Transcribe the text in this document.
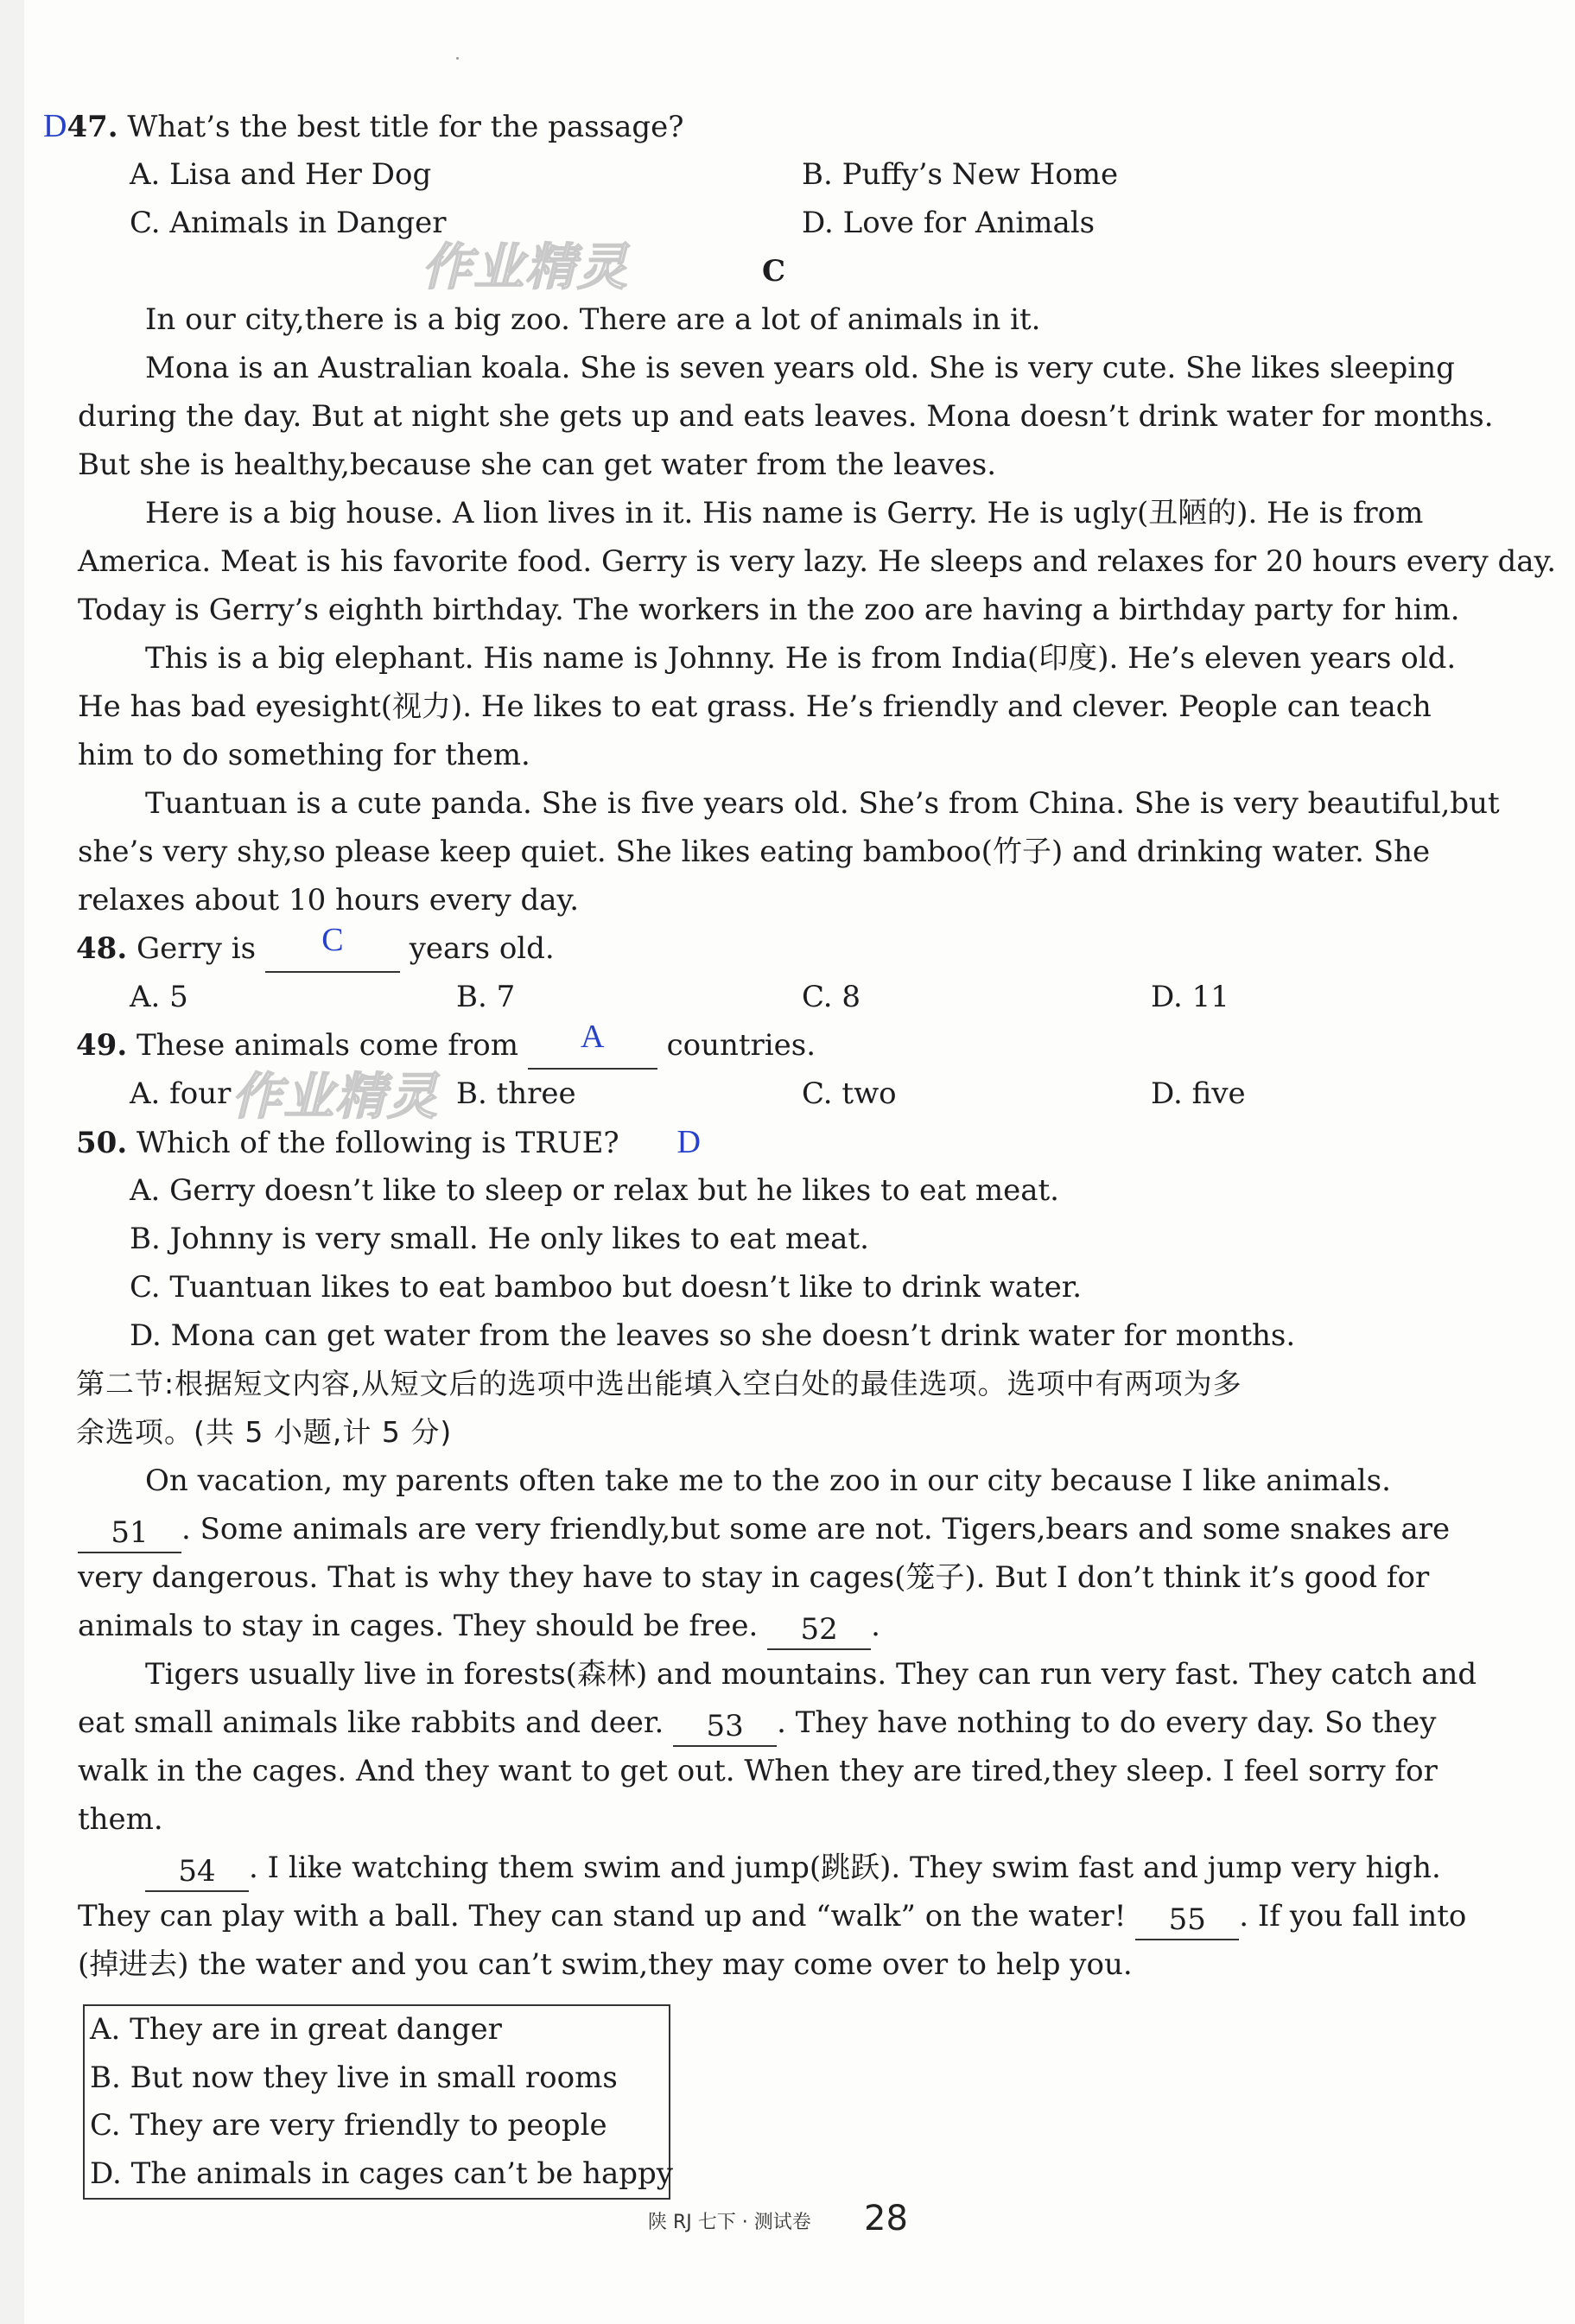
D47. What’s the best title for the passage?
A. Lisa and Her Dog	B. Puffy’s New Home
C. Animals in Danger	D. Love for Animals
作业精灵	C
In our city,there is a big zoo. There are a lot of animals in it.
Mona is an Australian koala. She is seven years old. She is very cute. She likes sleeping
during the day. But at night she gets up and eats leaves. Mona doesn’t drink water for months.
But she is healthy,because she can get water from the leaves.
Here is a big house. A lion lives in it. His name is Gerry. He is ugly(丑陋的). He is from
America. Meat is his favorite food. Gerry is very lazy. He sleeps and relaxes for 20 hours every day.
Today is Gerry’s eighth birthday. The workers in the zoo are having a birthday party for him.
This is a big elephant. His name is Johnny. He is from India(印度). He’s eleven years old.
He has bad eyesight(视力). He likes to eat grass. He’s friendly and clever. People can teach
him to do something for them.
Tuantuan is a cute panda. She is five years old. She’s from China. She is very beautiful,but
she’s very shy,so please keep quiet. She likes eating bamboo(竹子) and drinking water. She
relaxes about 10 hours every day.
48. Gerry is C years old.
A. 5	B. 7	C. 8	D. 11
49. These animals come from A countries.
A. four	B. three	C. two	D. five
作业精灵
50. Which of the following is TRUE? D
A. Gerry doesn’t like to sleep or relax but he likes to eat meat.
B. Johnny is very small. He only likes to eat meat.
C. Tuantuan likes to eat bamboo but doesn’t like to drink water.
D. Mona can get water from the leaves so she doesn’t drink water for months.
第二节:根据短文内容,从短文后的选项中选出能填入空白处的最佳选项。选项中有两项为多
余选项。(共 5 小题,计 5 分)
On vacation, my parents often take me to the zoo in our city because I like animals.
51 . Some animals are very friendly,but some are not. Tigers,bears and some snakes are
very dangerous. That is why they have to stay in cages(笼子). But I don’t think it’s good for
animals to stay in cages. They should be free. 52 .
Tigers usually live in forests(森林) and mountains. They can run very fast. They catch and
eat small animals like rabbits and deer. 53 . They have nothing to do every day. So they
walk in the cages. And they want to get out. When they are tired,they sleep. I feel sorry for
them.
54 . I like watching them swim and jump(跳跃). They swim fast and jump very high.
They can play with a ball. They can stand up and “walk” on the water! 55 . If you fall into
(掉进去) the water and you can’t swim,they may come over to help you.
A. They are in great danger
B. But now they live in small rooms
C. They are very friendly to people
D. The animals in cages can’t be happy
陕 RJ 七下 · 测试卷 28
